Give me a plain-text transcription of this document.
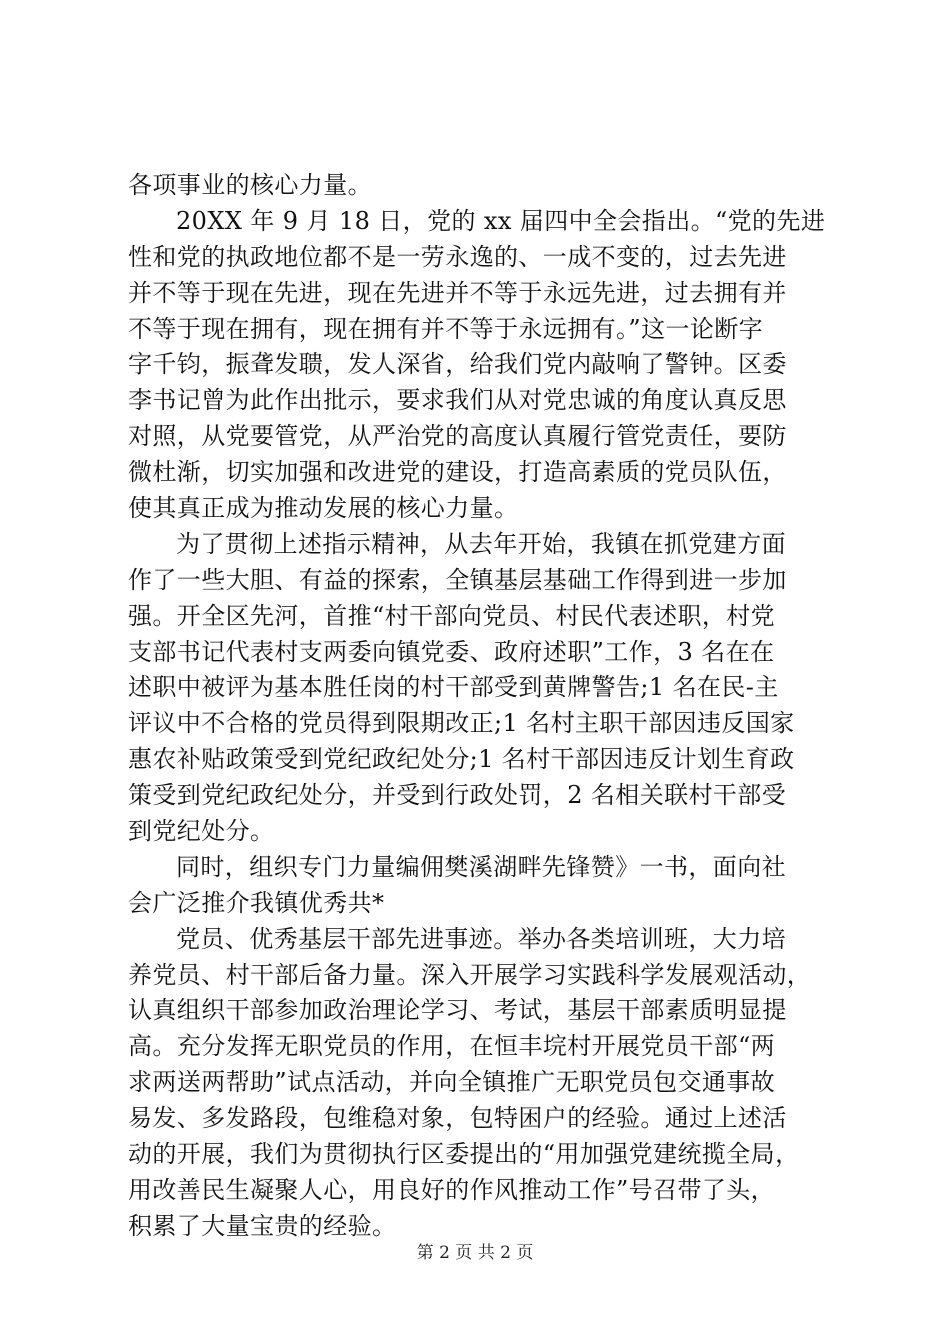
各项事业的核心力量。
20XX 年 9 月 18 日，党的 xx 届四中全会指出。“党的先进
性和党的执政地位都不是一劳永逸的、一成不变的，过去先进
并不等于现在先进，现在先进并不等于永远先进，过去拥有并
不等于现在拥有，现在拥有并不等于永远拥有。”这一论断字
字千钧，振聋发聩，发人深省，给我们党内敲响了警钟。区委
李书记曾为此作出批示，要求我们从对党忠诚的角度认真反思
对照，从党要管党，从严治党的高度认真履行管党责任，要防
微杜渐，切实加强和改进党的建设，打造高素质的党员队伍，
使其真正成为推动发展的核心力量。
为了贯彻上述指示精神，从去年开始，我镇在抓党建方面
作了一些大胆、有益的探索，全镇基层基础工作得到进一步加
强。开全区先河，首推“村干部向党员、村民代表述职，村党
支部书记代表村支两委向镇党委、政府述职”工作，3 名在在
述职中被评为基本胜任岗的村干部受到黄牌警告;1 名在民-主
评议中不合格的党员得到限期改正;1 名村主职干部因违反国家
惠农补贴政策受到党纪政纪处分;1 名村干部因违反计划生育政
策受到党纪政纪处分，并受到行政处罚，2 名相关联村干部受
到党纪处分。
同时，组织专门力量编佣樊溪湖畔先锋赞》一书，面向社
会广泛推介我镇优秀共*
党员、优秀基层干部先进事迹。举办各类培训班，大力培
养党员、村干部后备力量。深入开展学习实践科学发展观活动，
认真组织干部参加政治理论学习、考试，基层干部素质明显提
高。充分发挥无职党员的作用，在恒丰垸村开展党员干部“两
求两送两帮助”试点活动，并向全镇推广无职党员包交通事故
易发、多发路段，包维稳对象，包特困户的经验。通过上述活
动的开展，我们为贯彻执行区委提出的“用加强党建统揽全局，
用改善民生凝聚人心，用良好的作风推动工作”号召带了头，
积累了大量宝贵的经验。
第 2 页 共 2 页
